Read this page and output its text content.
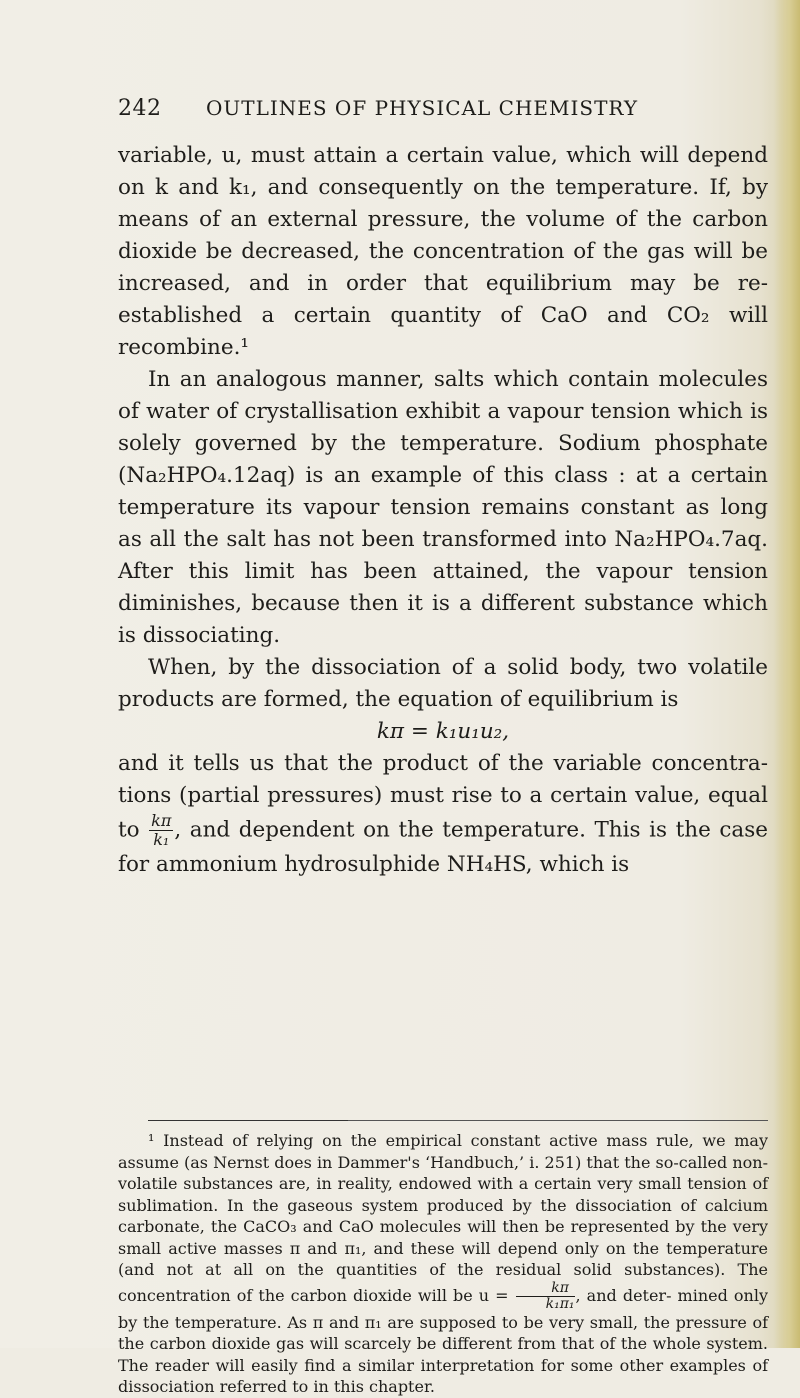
242 OUTLINES OF PHYSICAL CHEMISTRY

variable, u, must attain a certain value, which will depend on k and k₁, and consequently on the temperature. If, by means of an external pressure, the volume of the carbon dioxide be decreased, the concentration of the gas will be increased, and in order that equilibrium may be re-established a certain quantity of CaO and CO₂ will recombine.¹

In an analogous manner, salts which contain molecules of water of crystallisation exhibit a vapour tension which is solely governed by the temperature. Sodium phosphate (Na₂HPO₄.12aq) is an example of this class : at a certain temperature its vapour tension remains constant as long as all the salt has not been transformed into Na₂HPO₄.7aq. After this limit has been attained, the vapour tension diminishes, because then it is a different substance which is dissociating.

When, by the dissociation of a solid body, two volatile products are formed, the equation of equilibrium is

kπ = k₁u₁u₂,

and it tells us that the product of the variable concentra- tions (partial pressures) must rise to a certain value, equal to $\frac{k\pi}{\text{k₁}}$ , and dependent on the temperature. This is the case for ammonium hydrosulphide NH₄HS, which is

¹ Instead of relying on the empirical constant active mass rule, we may assume (as Nernst does in Dammer's ‘Handbuch,’ i. 251) that the so-called non-volatile substances are, in reality, endowed with a certain very small tension of sublimation. In the gaseous system produced by the dissociation of calcium carbonate, the CaCO₃ and CaO molecules will then be represented by the very small active masses π and π₁, and these will depend only on the temperature (and not at all on the quantities of the residual solid substances). The concentration of the carbon dioxide will be $u = \frac{k\pi}{\text{k₁π₁}}$ , and deter- mined only by the temperature. As π and π₁ are supposed to be very small, the pressure of the carbon dioxide gas will scarcely be different from that of the whole system. The reader will easily find a similar interpretation for some other examples of dissociation referred to in this chapter.
